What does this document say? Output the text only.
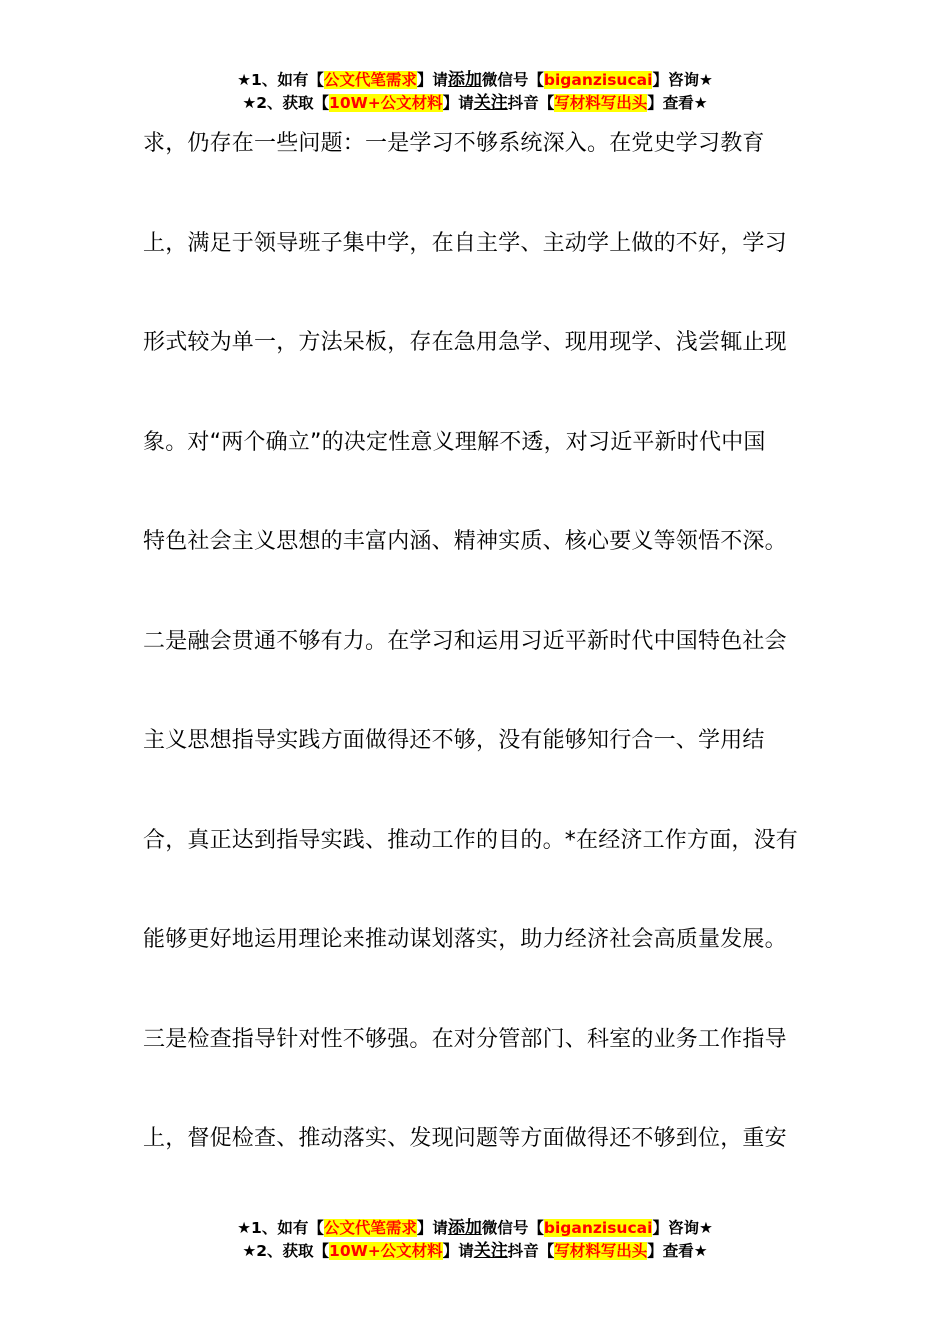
★1、如有【公文代笔需求】请添加微信号【biganzisucai】咨询★
★2、获取【10W+公文材料】请关注抖音【写材料写出头】查看★
求，仍存在一些问题：一是学习不够系统深入。在党史学习教育
上，满足于领导班子集中学，在自主学、主动学上做的不好，学习
形式较为单一，方法呆板，存在急用急学、现用现学、浅尝辄止现
象。对“两个确立”的决定性意义理解不透，对习近平新时代中国
特色社会主义思想的丰富内涵、精神实质、核心要义等领悟不深。
二是融会贯通不够有力。在学习和运用习近平新时代中国特色社会
主义思想指导实践方面做得还不够，没有能够知行合一、学用结
合，真正达到指导实践、推动工作的目的。*在经济工作方面，没有
能够更好地运用理论来推动谋划落实，助力经济社会高质量发展。
三是检查指导针对性不够强。在对分管部门、科室的业务工作指导
上，督促检查、推动落实、发现问题等方面做得还不够到位，重安
★1、如有【公文代笔需求】请添加微信号【biganzisucai】咨询★
★2、获取【10W+公文材料】请关注抖音【写材料写出头】查看★
